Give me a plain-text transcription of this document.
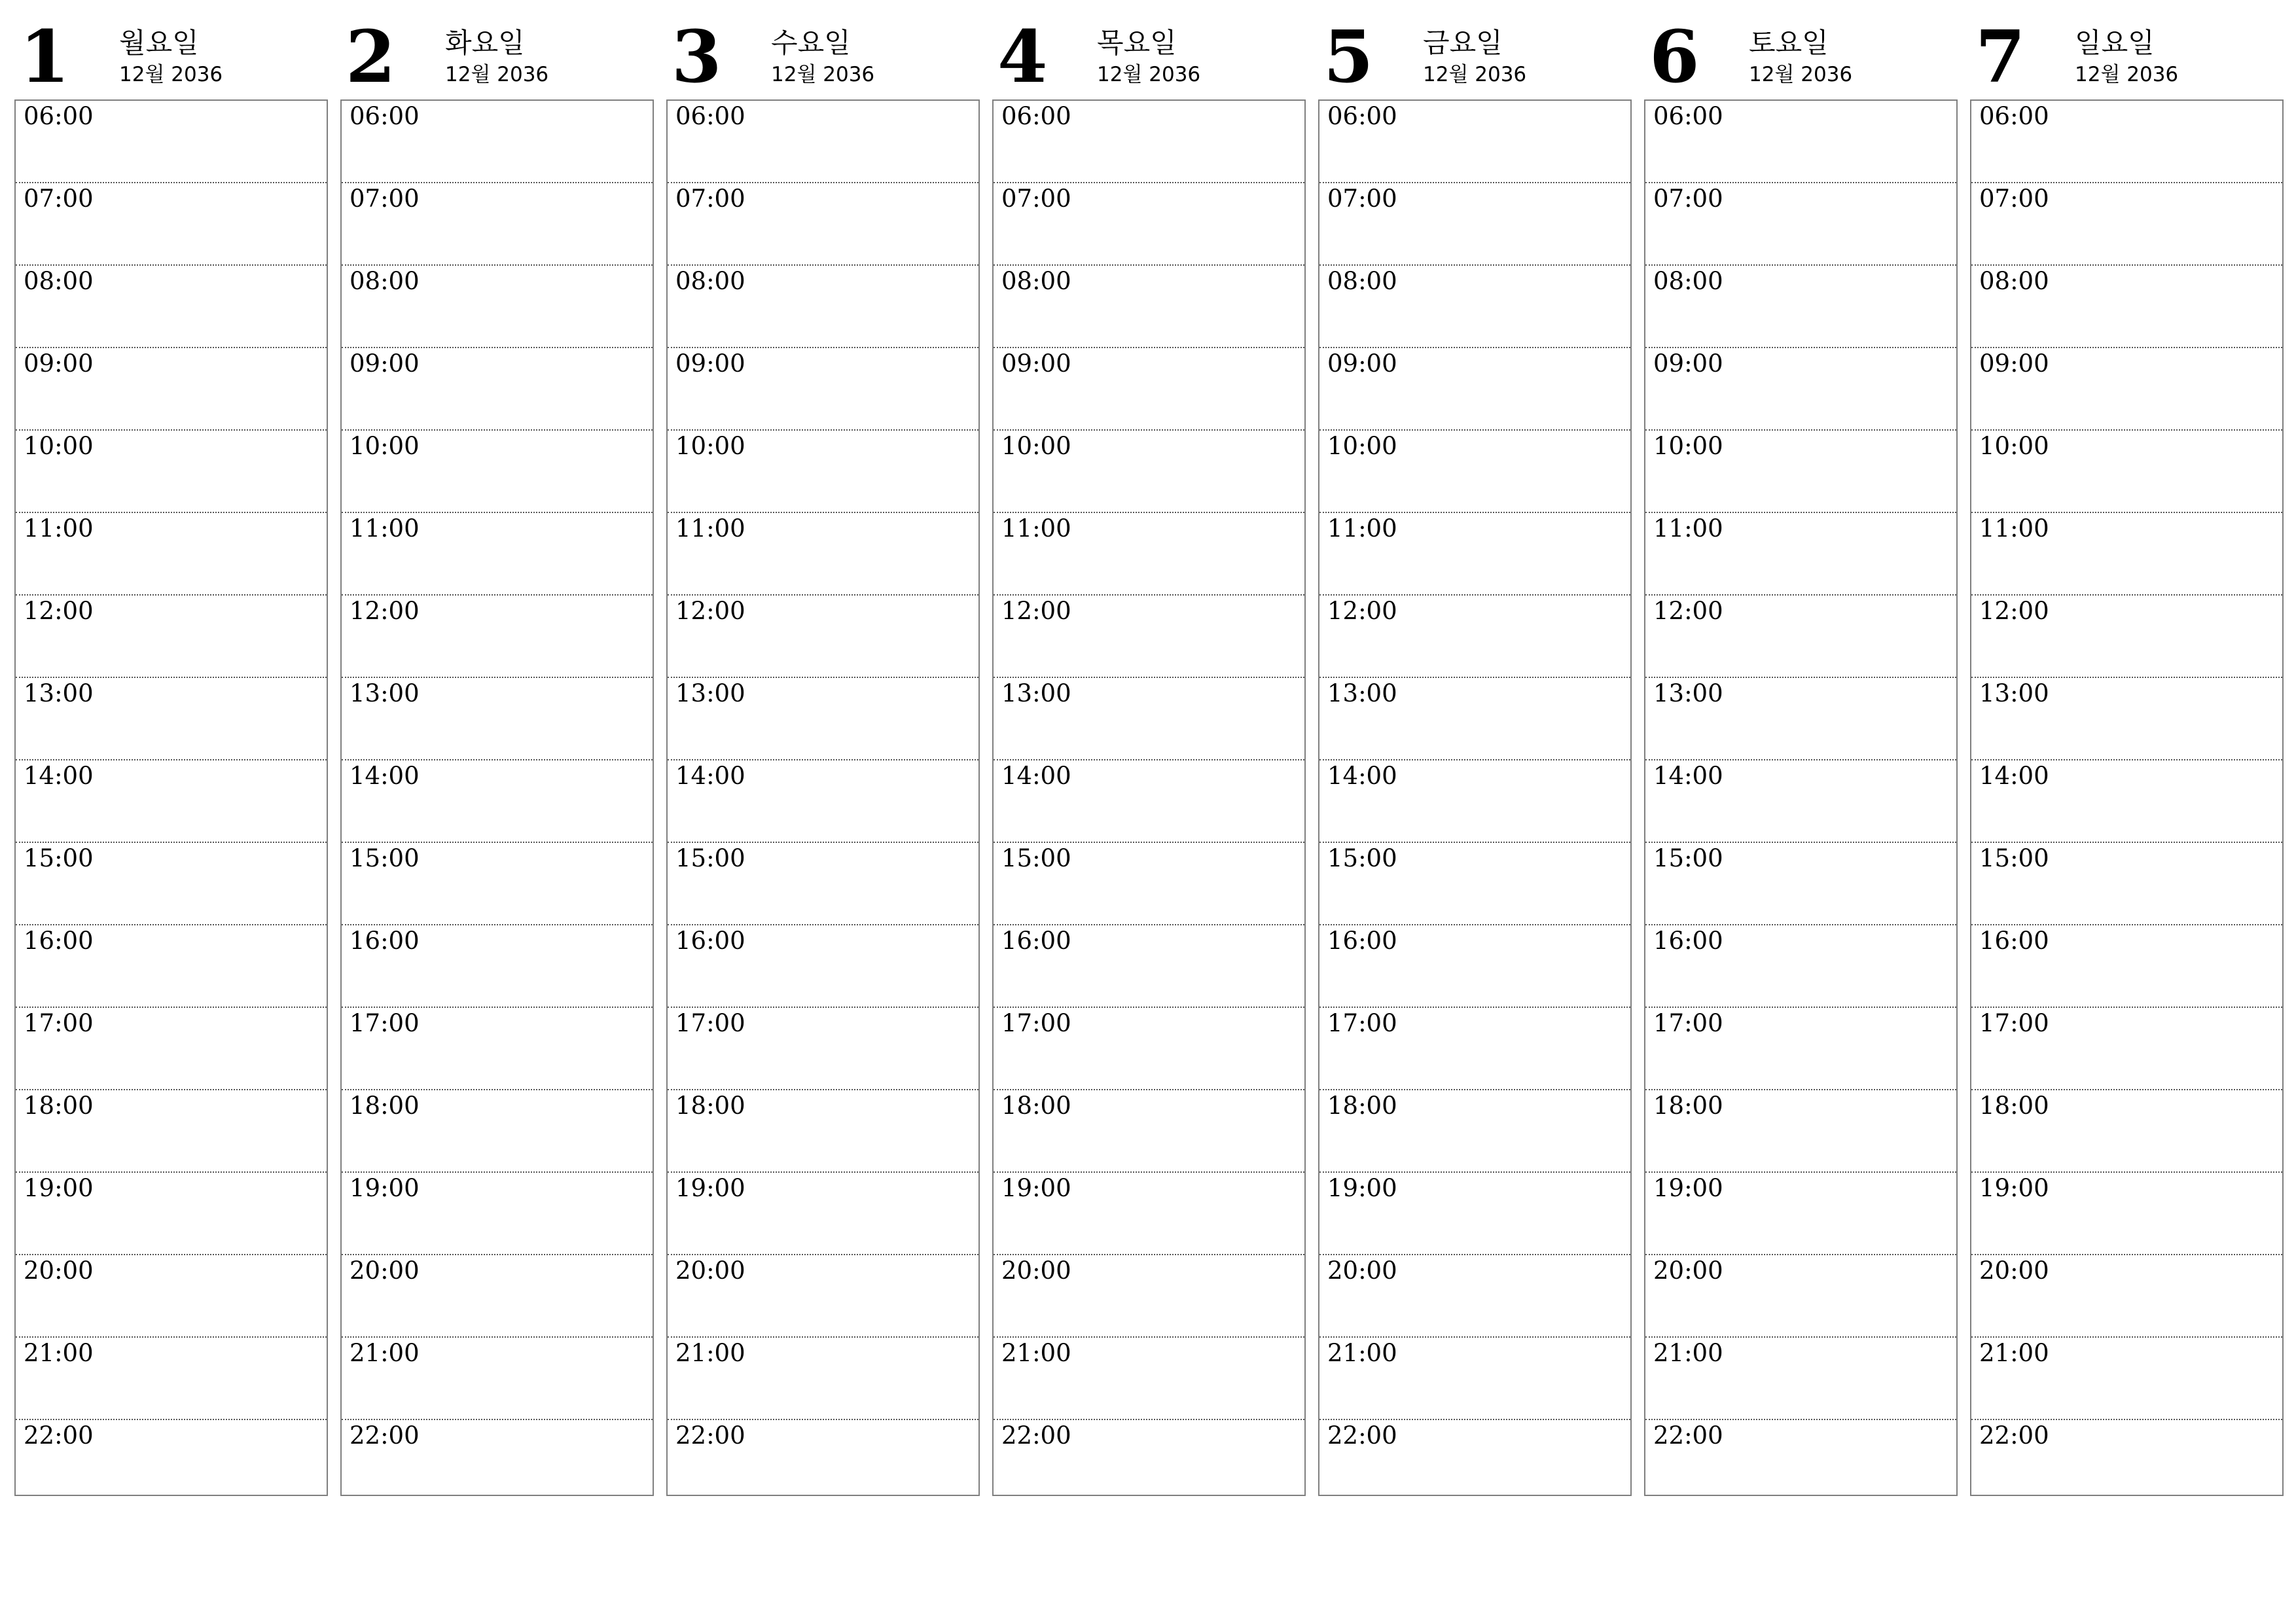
1 월요일
12월 2036
06:00
07:00
08:00
09:00
10:00
11:00
12:00
13:00
14:00
15:00
16:00
17:00
18:00
19:00
20:00
21:00
22:00
2 화요일
12월 2036
06:00
07:00
08:00
09:00
10:00
11:00
12:00
13:00
14:00
15:00
16:00
17:00
18:00
19:00
20:00
21:00
22:00
3 수요일
12월 2036
06:00
07:00
08:00
09:00
10:00
11:00
12:00
13:00
14:00
15:00
16:00
17:00
18:00
19:00
20:00
21:00
22:00
4 목요일
12월 2036
06:00
07:00
08:00
09:00
10:00
11:00
12:00
13:00
14:00
15:00
16:00
17:00
18:00
19:00
20:00
21:00
22:00
5 금요일
12월 2036
06:00
07:00
08:00
09:00
10:00
11:00
12:00
13:00
14:00
15:00
16:00
17:00
18:00
19:00
20:00
21:00
22:00
6 토요일
12월 2036
06:00
07:00
08:00
09:00
10:00
11:00
12:00
13:00
14:00
15:00
16:00
17:00
18:00
19:00
20:00
21:00
22:00
7 일요일
12월 2036
06:00
07:00
08:00
09:00
10:00
11:00
12:00
13:00
14:00
15:00
16:00
17:00
18:00
19:00
20:00
21:00
22:00
